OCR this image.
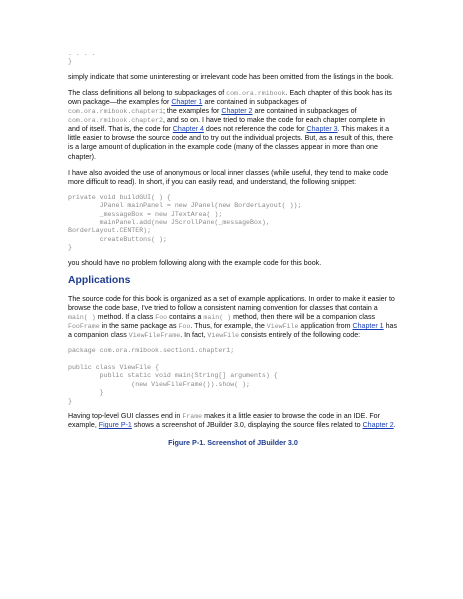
. . . .
}

simply indicate that some uninteresting or irrelevant code has been omitted from the listings in the book.

The class definitions all belong to subpackages of com.ora.rmibook. Each chapter of this book has its own package—the examples for Chapter 1 are contained in subpackages of com.ora.rmibook.chapter1; the examples for Chapter 2 are contained in subpackages of com.ora.rmibook.chapter2, and so on. I have tried to make the code for each chapter complete in and of itself. That is, the code for Chapter 4 does not reference the code for Chapter 3. This makes it a little easier to browse the source code and to try out the individual projects. But, as a result of this, there is a large amount of duplication in the example code (many of the classes appear in more than one chapter).

I have also avoided the use of anonymous or local inner classes (while useful, they tend to make code more difficult to read). In short, if you can easily read, and understand, the following snippet:

private void buildGUI( ) {
JPanel mainPanel = new JPanel(new BorderLayout( ));
_messageBox = new JTextArea( );
mainPanel.add(new JScrollPane(_messageBox),
BorderLayout.CENTER);
createButtons( );
}

you should have no problem following along with the example code for this book.

Applications

The source code for this book is organized as a set of example applications. In order to make it easier to browse the code base, I've tried to follow a consistent naming convention for classes that contain a main( ) method. If a class Foo contains a main( ) method, then there will be a companion class FooFrame in the same package as Foo. Thus, for example, the ViewFile application from Chapter 1 has a companion class ViewFileFrame. In fact, ViewFile consists entirely of the following code:

package com.ora.rmibook.section1.chapter1;

public class ViewFile {
public static void main(String[] arguments) {
(new ViewFileFrame()).show( );
}
}

Having top-level GUI classes end in Frame makes it a little easier to browse the code in an IDE. For example, Figure P-1 shows a screenshot of JBuilder 3.0, displaying the source files related to Chapter 2.

Figure P-1. Screenshot of JBuilder 3.0
